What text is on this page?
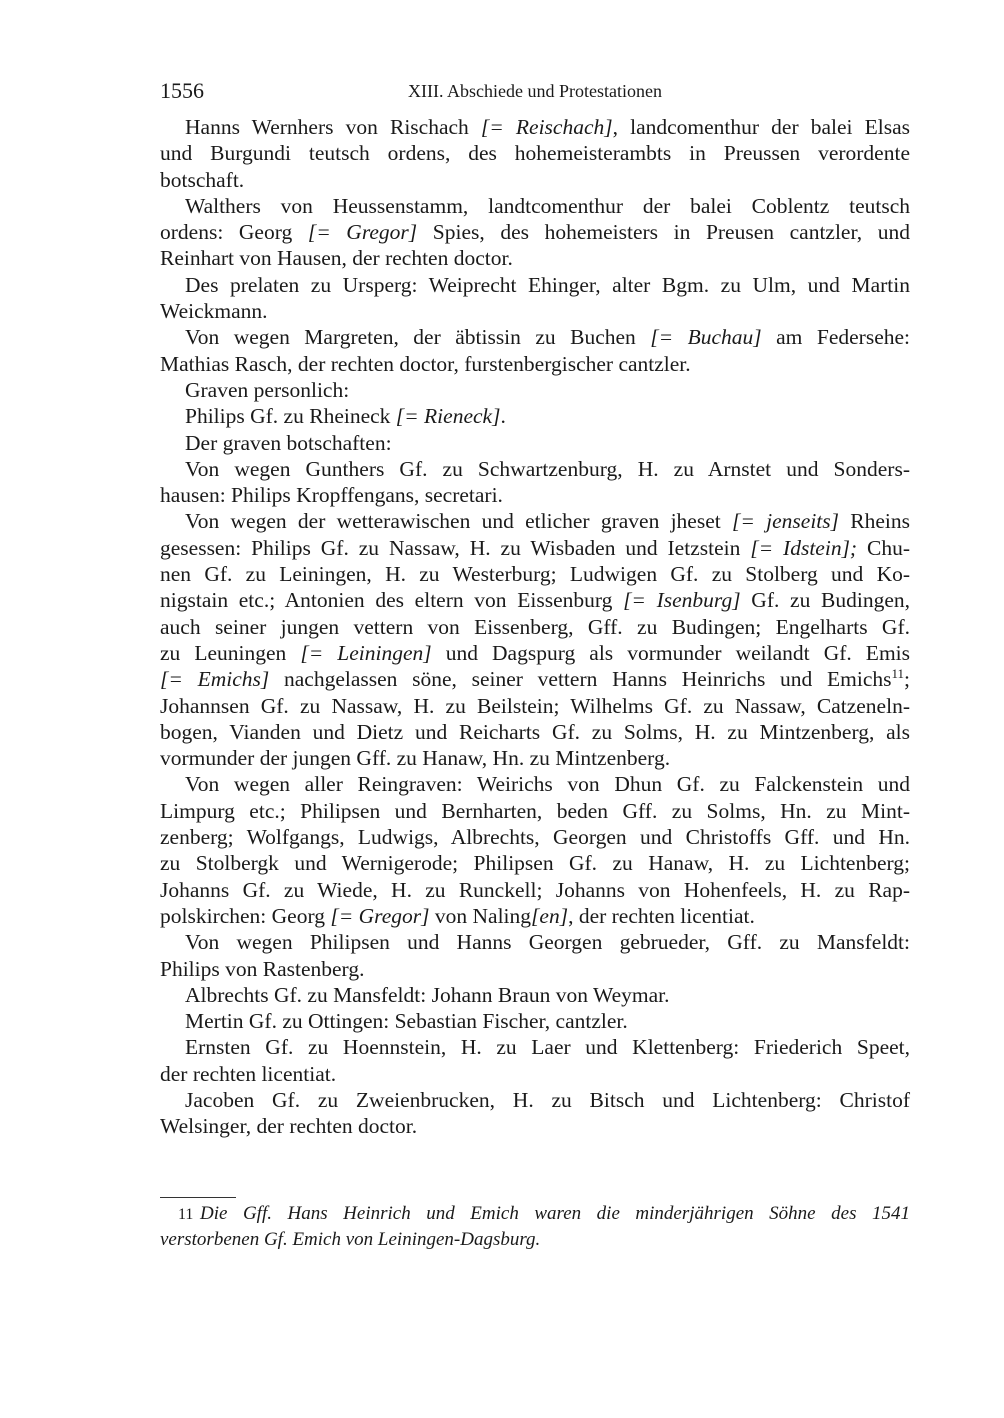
1556	XIII. Abschiede und Protestationen
Hanns Wernhers von Rischach [= Reischach], landcomenthur der balei Elsas
und Burgundi teutsch ordens, des hohemeisterambts in Preussen verordente
botschaft.
Walthers von Heussenstamm, landtcomenthur der balei Coblentz teutsch
ordens: Georg [= Gregor] Spies, des hohemeisters in Preusen cantzler, und
Reinhart von Hausen, der rechten doctor.
Des prelaten zu Ursperg: Weiprecht Ehinger, alter Bgm. zu Ulm, und Martin
Weickmann.
Von wegen Margreten, der äbtissin zu Buchen [= Buchau] am Federsehe:
Mathias Rasch, der rechten doctor, furstenbergischer cantzler.
Graven personlich:
Philips Gf. zu Rheineck [= Rieneck].
Der graven botschaften:
Von wegen Gunthers Gf. zu Schwartzenburg, H. zu Arnstet und Sonders-
hausen: Philips Kropffengans, secretari.
Von wegen der wetterawischen und etlicher graven jheset [= jenseits] Rheins
gesessen: Philips Gf. zu Nassaw, H. zu Wisbaden und Ietzstein [= Idstein]; Chu-
nen Gf. zu Leiningen, H. zu Westerburg; Ludwigen Gf. zu Stolberg und Ko-
nigstain etc.; Antonien des eltern von Eissenburg [= Isenburg] Gf. zu Budingen,
auch seiner jungen vettern von Eissenberg, Gff. zu Budingen; Engelharts Gf.
zu Leuningen [= Leiningen] und Dagspurg als vormunder weilandt Gf. Emis
[= Emichs] nachgelassen söne, seiner vettern Hanns Heinrichs und Emichs$^{11}$;
Johannsen Gf. zu Nassaw, H. zu Beilstein; Wilhelms Gf. zu Nassaw, Catzeneln-
bogen, Vianden und Dietz und Reicharts Gf. zu Solms, H. zu Mintzenberg, als
vormunder der jungen Gff. zu Hanaw, Hn. zu Mintzenberg.
Von wegen aller Reingraven: Weirichs von Dhun Gf. zu Falckenstein und
Limpurg etc.; Philipsen und Bernharten, beden Gff. zu Solms, Hn. zu Mint-
zenberg; Wolfgangs, Ludwigs, Albrechts, Georgen und Christoffs Gff. und Hn.
zu Stolbergk und Wernigerode; Philipsen Gf. zu Hanaw, H. zu Lichtenberg;
Johanns Gf. zu Wiede, H. zu Runckell; Johanns von Hohenfeels, H. zu Rap-
polskirchen: Georg [= Gregor] von Naling[en], der rechten licentiat.
Von wegen Philipsen und Hanns Georgen gebrueder, Gff. zu Mansfeldt:
Philips von Rastenberg.
Albrechts Gf. zu Mansfeldt: Johann Braun von Weymar.
Mertin Gf. zu Ottingen: Sebastian Fischer, cantzler.
Ernsten Gf. zu Hoennstein, H. zu Laer und Klettenberg: Friederich Speet,
der rechten licentiat.
Jacoben Gf. zu Zweienbrucken, H. zu Bitsch und Lichtenberg: Christof
Welsinger, der rechten doctor.
11 Die Gff. Hans Heinrich und Emich waren die minderjährigen Söhne des 1541
verstorbenen Gf. Emich von Leiningen-Dagsburg.
